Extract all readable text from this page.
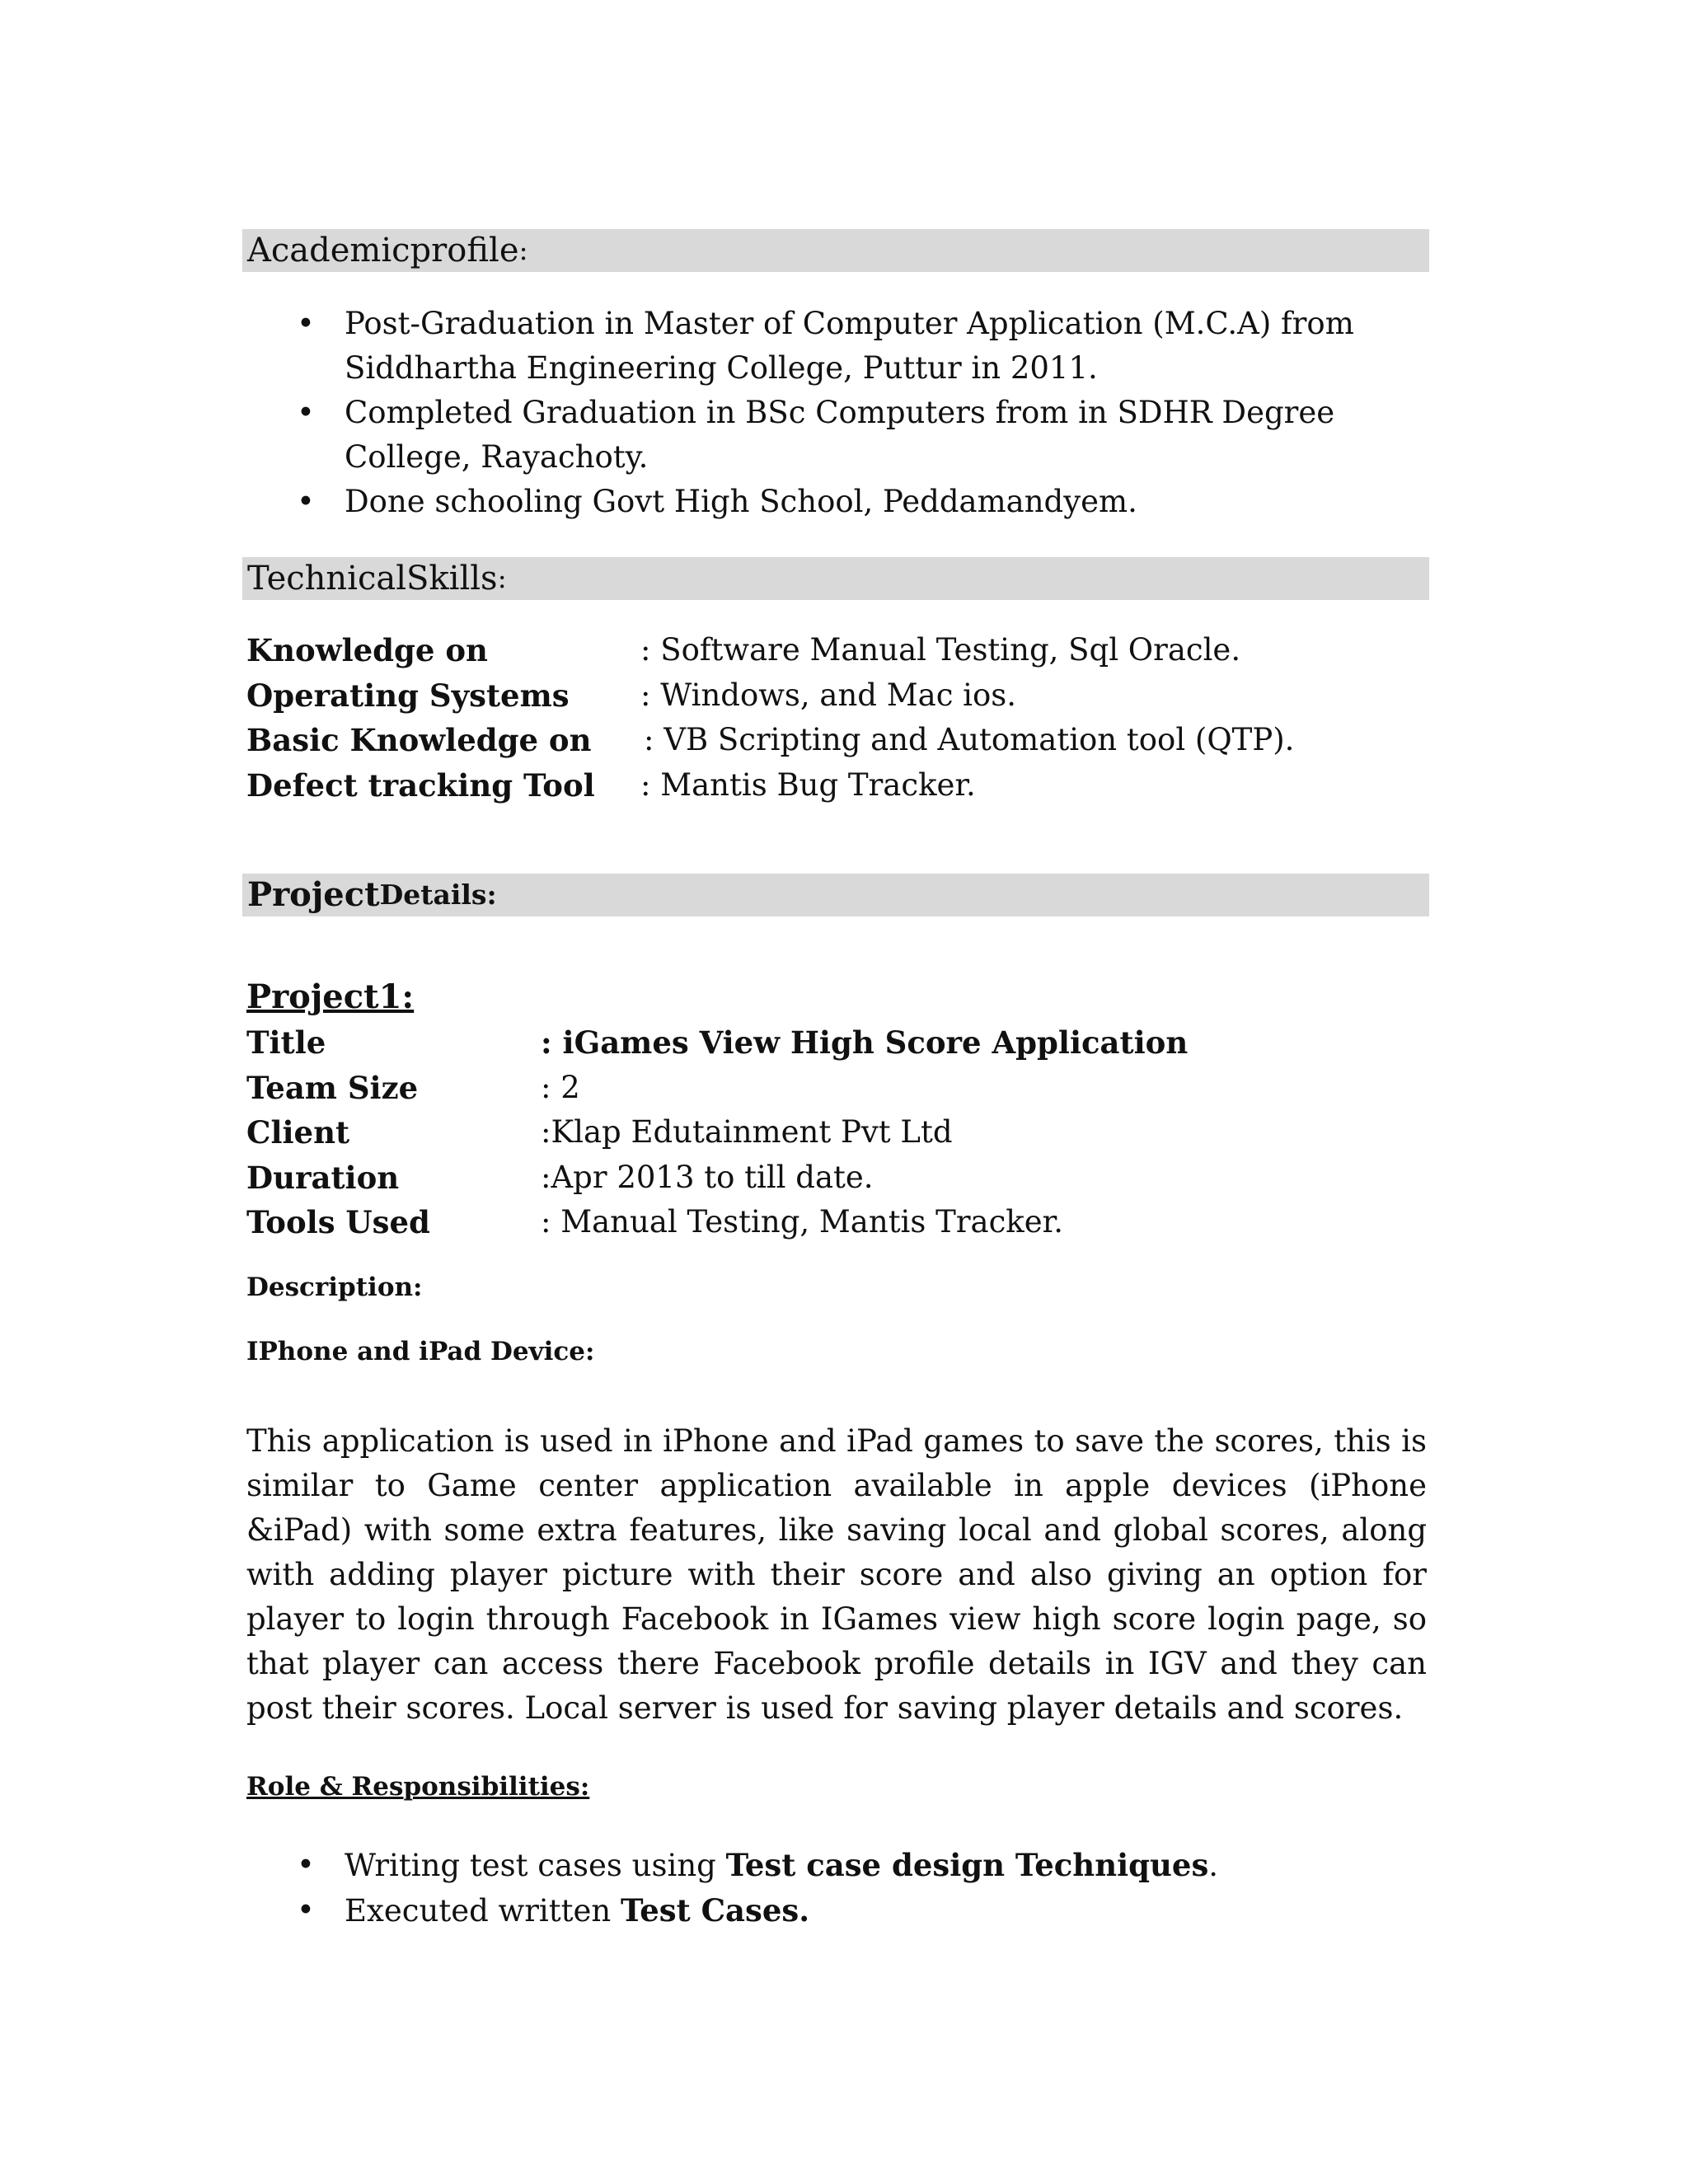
Academicprofile :
• Post-Graduation in Master of Computer Application (M.C.A) from Siddhartha Engineering College, Puttur in 2011.
• Completed Graduation in BSc Computers from in SDHR Degree College, Rayachoty.
• Done schooling Govt High School, Peddamandyem.
TechnicalSkills :
Knowledge on	: Software Manual Testing, Sql Oracle.
Operating Systems	: Windows, and Mac ios.
Basic Knowledge on	: VB Scripting and Automation tool (QTP).
Defect tracking Tool	: Mantis Bug Tracker.
Project Details:
Project1:
Title	: iGames View High Score Application
Team Size	: 2
Client	:Klap Edutainment Pvt Ltd
Duration	:Apr 2013 to till date.
Tools Used	: Manual Testing, Mantis Tracker.
Description:
IPhone and iPad Device:

This application is used in iPhone and iPad games to save the scores, this is similar to Game center application available in apple devices (iPhone &iPad) with some extra features, like saving local and global scores, along with adding player picture with their score and also giving an option for player to login through Facebook in IGames view high score login page, so that player can access there Facebook profile details in IGV and they can post their scores. Local server is used for saving player details and scores.

Role & Responsibilities:
• Writing test cases using Test case design Techniques.
• Executed written Test Cases.
